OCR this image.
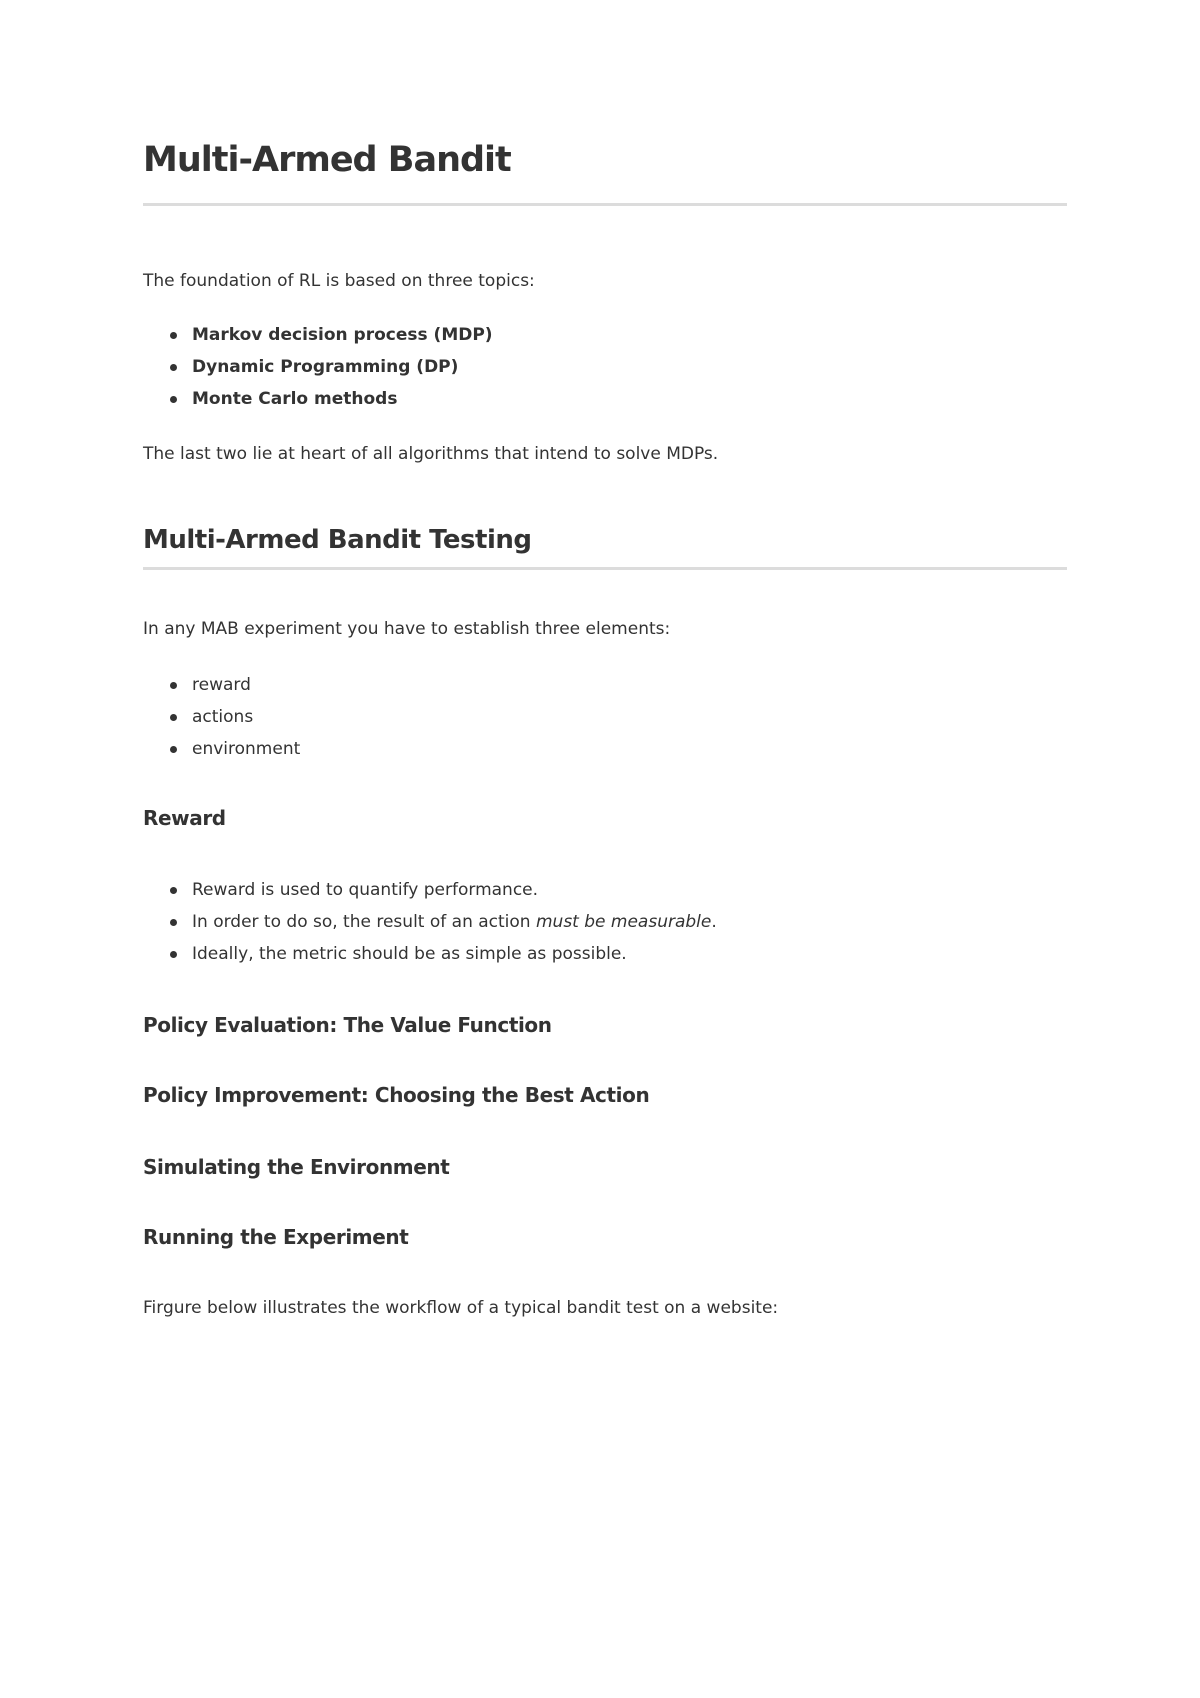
Multi-Armed Bandit

The foundation of RL is based on three topics:

Markov decision process (MDP)
Dynamic Programming (DP)
Monte Carlo methods

The last two lie at heart of all algorithms that intend to solve MDPs.

Multi-Armed Bandit Testing

In any MAB experiment you have to establish three elements:

reward
actions
environment
Reward
Reward is used to quantify performance.
In order to do so, the result of an action must be measurable.
Ideally, the metric should be as simple as possible.
Policy Evaluation: The Value Function
Policy Improvement: Choosing the Best Action
Simulating the Environment
Running the Experiment

Firgure below illustrates the workflow of a typical bandit test on a website:
